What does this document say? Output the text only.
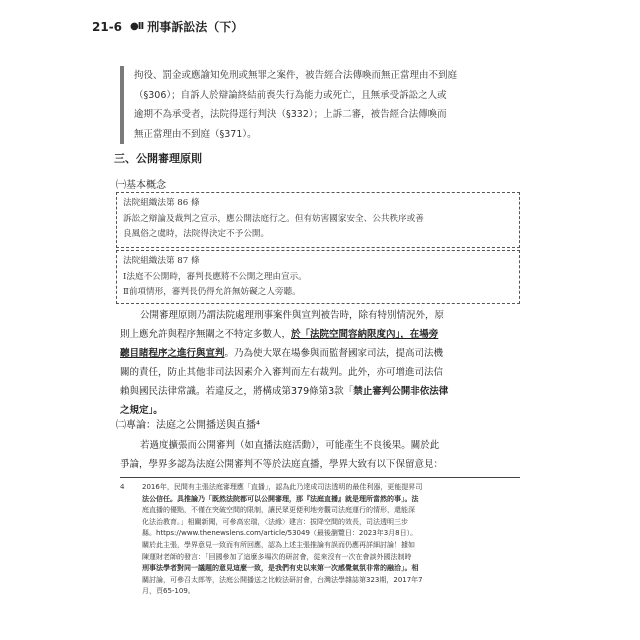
21-6 ●II 刑事訴訟法（下）

拘役、罰金或應諭知免刑或無罪之案件，被告經合法傳喚而無正當理由不到庭

（§306）；自訴人於辯論終結前喪失行為能力或死亡，且無承受訴訟之人或

逾期不為承受者，法院得逕行判決（§332）；上訴二審，被告經合法傳喚而

無正當理由不到庭（§371）。

三、公開審理原則
㈠基本概念

法院組織法第 86 條

訴訟之辯論及裁判之宣示，應公開法庭行之。但有妨害國家安全、公共秩序或善

良風俗之虞時，法院得決定不予公開。

法院組織法第 87 條

Ⅰ法庭不公開時，審判長應將不公開之理由宣示。

Ⅱ前項情形，審判長仍得允許無妨礙之人旁聽。

公開審理原則乃謂法院處理刑事案件與宣判被告時，除有特別情況外，原

則上應允許與程序無關之不特定多數人，於「法院空間容納限度內」，在場旁

聽目睹程序之進行與宣判。乃為使大眾在場參與而監督國家司法，提高司法機

關的責任，防止其他非司法因素介入審判而左右裁判。此外，亦可增進司法信

賴與國民法律常識。若違反之，將構成第379條第3款「禁止審判公開非依法律

之規定」。

㈡專論：法庭之公開播送與直播⁴

若過度擴張而公開審判（如直播法庭活動），可能產生不良後果。關於此

爭論，學界多認為法庭公開審判不等於法庭直播，學界大致有以下保留意見：

4	2016年，民間有主張法庭審理應「直播」，認為此乃達成司法透明的最佳利器，更能提昇司

法公信任。具推論乃「既然法院都可以公開審理，那『法庭直播』就是理所當然的事」。法

庭直播的優點，不僅在突破空間的限制，讓民眾更便利地旁觀司法庭運行的情形，還能深

化法治教育。」相關新聞，可參高宏瑞，〈法緣〉建言：拔降空間的效長，司法透明三步

縣。https://www.thenewslens.com/article/53049（最後瀏覽日：2023年3月8日）。

關於此主張，學界意見一致而有所回應，認為上述主張推論有誤而仍應再詳細討論！據如

陳運財老師的發言：「回國參加了這麼多場次的研討會，從來沒有一次在會談外國法制時

刑事法學者對同一議題的意見這麼一致，是我們有史以來第一次感覺氣氛非常的融洽」。相

關討論，可參召太郎等，法庭公開播送之比較法研討會，台灣法學雜誌第323期，2017年7

月，頁65-109。
